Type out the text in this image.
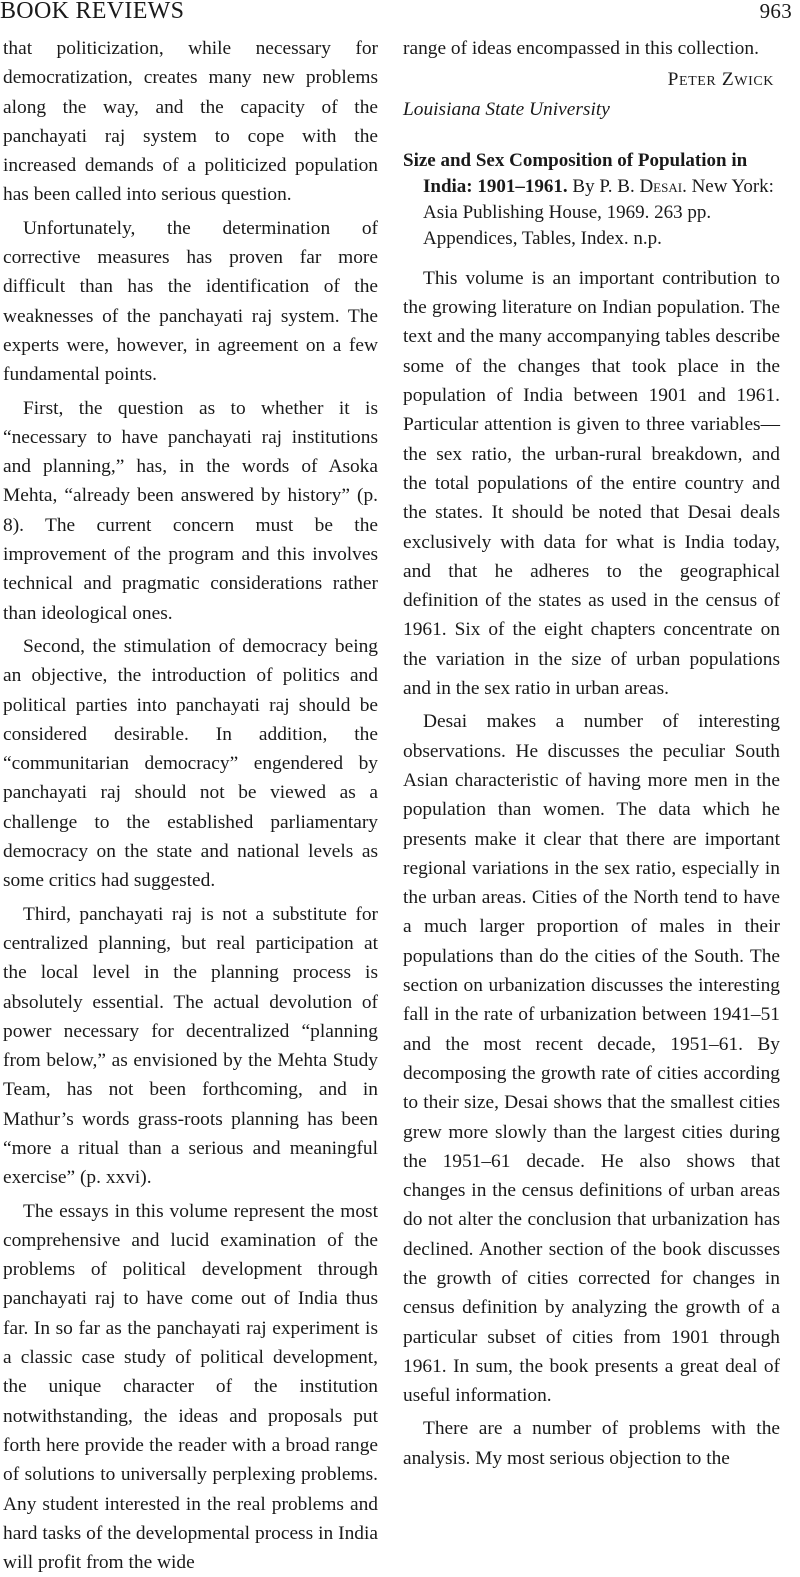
BOOK REVIEWS	963

that politicization, while necessary for democratization, creates many new problems along the way, and the capacity of the panchayati raj system to cope with the increased demands of a politicized population has been called into serious question.

Unfortunately, the determination of corrective measures has proven far more difficult than has the identification of the weaknesses of the panchayati raj system. The experts were, however, in agreement on a few fundamental points.

First, the question as to whether it is “necessary to have panchayati raj institutions and planning,” has, in the words of Asoka Mehta, “already been answered by history” (p. 8). The current concern must be the improvement of the program and this involves technical and pragmatic considerations rather than ideological ones.

Second, the stimulation of democracy being an objective, the introduction of politics and political parties into panchayati raj should be considered desirable. In addition, the “communitarian democracy” engendered by panchayati raj should not be viewed as a challenge to the established parliamentary democracy on the state and national levels as some critics had suggested.

Third, panchayati raj is not a substitute for centralized planning, but real participation at the local level in the planning process is absolutely essential. The actual devolution of power necessary for decentralized “planning from below,” as envisioned by the Mehta Study Team, has not been forthcoming, and in Mathur’s words grass-roots planning has been “more a ritual than a serious and meaningful exercise” (p. xxvi).

The essays in this volume represent the most comprehensive and lucid examination of the problems of political development through panchayati raj to have come out of India thus far. In so far as the panchayati raj experiment is a classic case study of political development, the unique character of the institution notwithstanding, the ideas and proposals put forth here provide the reader with a broad range of solutions to universally perplexing problems. Any student interested in the real problems and hard tasks of the developmental process in India will profit from the wide

range of ideas encompassed in this collection.

Peter Zwick

Louisiana State University

Size and Sex Composition of Population in India: 1901–1961. By P. B. Desai. New York: Asia Publishing House, 1969. 263 pp. Appendices, Tables, Index. n.p.

This volume is an important contribution to the growing literature on Indian population. The text and the many accompanying tables describe some of the changes that took place in the population of India between 1901 and 1961. Particular attention is given to three variables—the sex ratio, the urban-rural breakdown, and the total populations of the entire country and the states. It should be noted that Desai deals exclusively with data for what is India today, and that he adheres to the geographical definition of the states as used in the census of 1961. Six of the eight chapters concentrate on the variation in the size of urban populations and in the sex ratio in urban areas.

Desai makes a number of interesting observations. He discusses the peculiar South Asian characteristic of having more men in the population than women. The data which he presents make it clear that there are important regional variations in the sex ratio, especially in the urban areas. Cities of the North tend to have a much larger proportion of males in their populations than do the cities of the South. The section on urbanization discusses the interesting fall in the rate of urbanization between 1941–51 and the most recent decade, 1951–61. By decomposing the growth rate of cities according to their size, Desai shows that the smallest cities grew more slowly than the largest cities during the 1951–61 decade. He also shows that changes in the census definitions of urban areas do not alter the conclusion that urbanization has declined. Another section of the book discusses the growth of cities corrected for changes in census definition by analyzing the growth of a particular subset of cities from 1901 through 1961. In sum, the book presents a great deal of useful information.

There are a number of problems with the analysis. My most serious objection to the
